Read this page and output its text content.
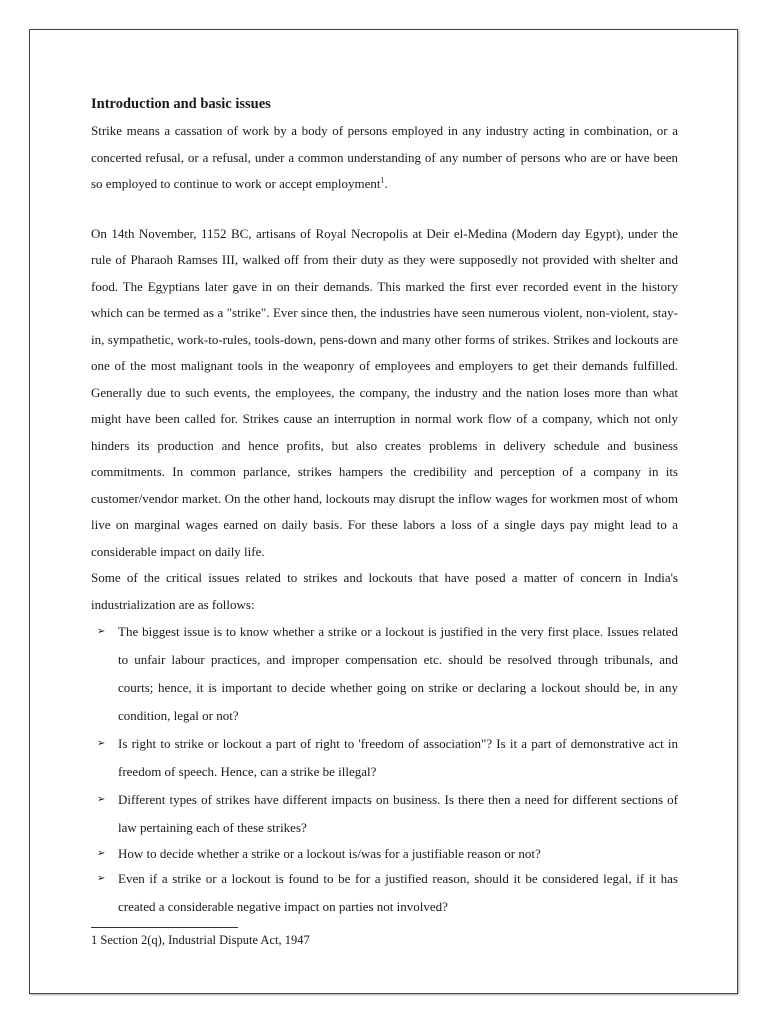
Introduction and basic issues

Strike means a cassation of work by a body of persons employed in any industry acting in combination, or a concerted refusal, or a refusal, under a common understanding of any number of persons who are or have been so employed to continue to work or accept employment$^1$.

On 14th November, 1152 BC, artisans of Royal Necropolis at Deir el-Medina (Modern day Egypt), under the rule of Pharaoh Ramses III, walked off from their duty as they were supposedly not provided with shelter and food. The Egyptians later gave in on their demands. This marked the first ever recorded event in the history which can be termed as a "strike". Ever since then, the industries have seen numerous violent, non-violent, stay-in, sympathetic, work-to-rules, tools-down, pens-down and many other forms of strikes. Strikes and lockouts are one of the most malignant tools in the weaponry of employees and employers to get their demands fulfilled. Generally due to such events, the employees, the company, the industry and the nation loses more than what might have been called for. Strikes cause an interruption in normal work flow of a company, which not only hinders its production and hence profits, but also creates problems in delivery schedule and business commitments. In common parlance, strikes hampers the credibility and perception of a company in its customer/vendor market. On the other hand, lockouts may disrupt the inflow wages for workmen most of whom live on marginal wages earned on daily basis. For these labors a loss of a single days pay might lead to a considerable impact on daily life.

Some of the critical issues related to strikes and lockouts that have posed a matter of concern in India's industrialization are as follows:

➢ The biggest issue is to know whether a strike or a lockout is justified in the very first place. Issues related to unfair labour practices, and improper compensation etc. should be resolved through tribunals, and courts; hence, it is important to decide whether going on strike or declaring a lockout should be, in any condition, legal or not?
➢ Is right to strike or lockout a part of right to 'freedom of association"? Is it a part of demonstrative act in freedom of speech. Hence, can a strike be illegal?
➢ Different types of strikes have different impacts on business. Is there then a need for different sections of law pertaining each of these strikes?
➢ How to decide whether a strike or a lockout is/was for a justifiable reason or not?
➢ Even if a strike or a lockout is found to be for a justified reason, should it be considered legal, if it has created a considerable negative impact on parties not involved?

1 Section 2(q), Industrial Dispute Act, 1947
